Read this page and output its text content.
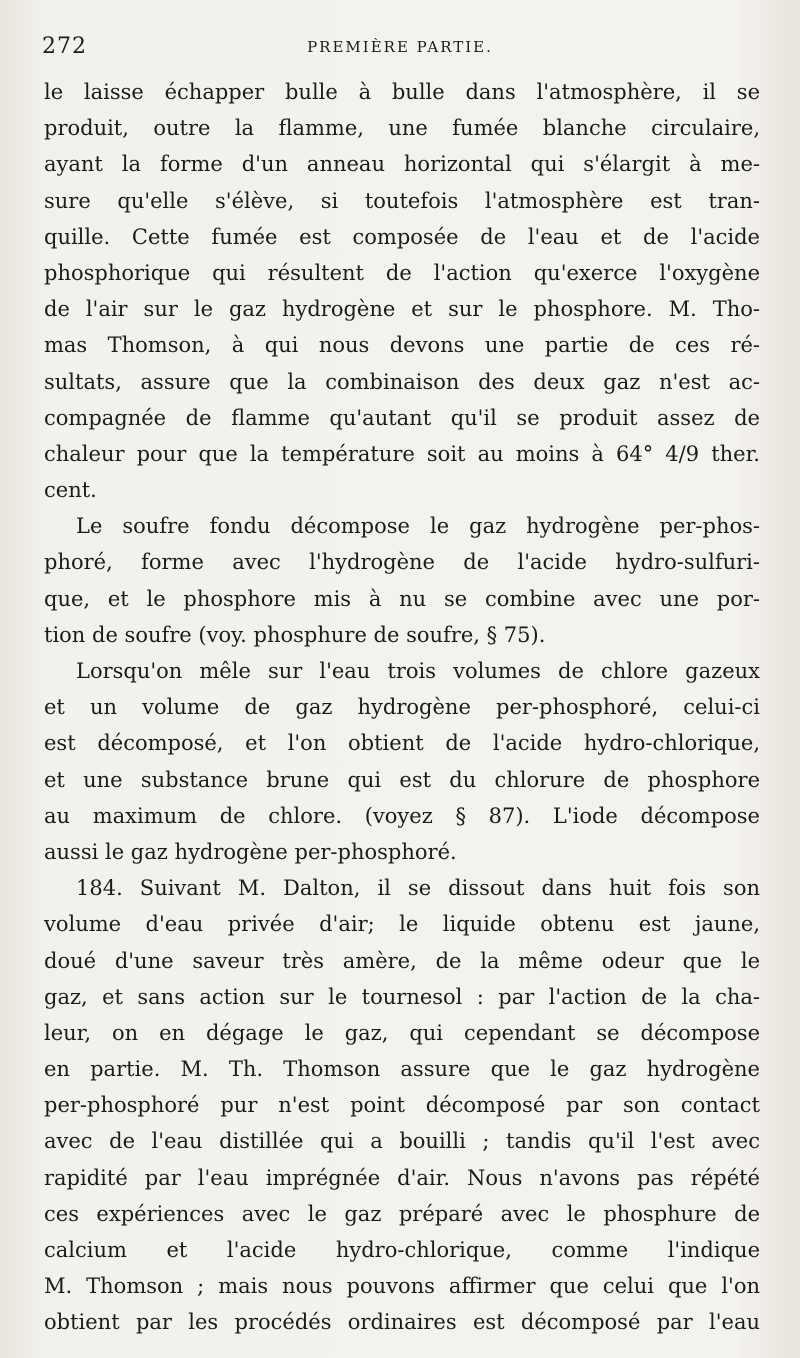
272	PREMIÈRE PARTIE.
le laisse échapper bulle à bulle dans l'atmosphère, il se
produit, outre la flamme, une fumée blanche circulaire,
ayant la forme d'un anneau horizontal qui s'élargit à me-
sure qu'elle s'élève, si toutefois l'atmosphère est tran-
quille. Cette fumée est composée de l'eau et de l'acide
phosphorique qui résultent de l'action qu'exerce l'oxygène
de l'air sur le gaz hydrogène et sur le phosphore. M. Tho-
mas Thomson, à qui nous devons une partie de ces ré-
sultats, assure que la combinaison des deux gaz n'est ac-
compagnée de flamme qu'autant qu'il se produit assez de
chaleur pour que la température soit au moins à 64° 4/9 ther.
cent.
Le soufre fondu décompose le gaz hydrogène per-phos-
phoré, forme avec l'hydrogène de l'acide hydro-sulfuri-
que, et le phosphore mis à nu se combine avec une por-
tion de soufre (voy. phosphure de soufre, § 75).
Lorsqu'on mêle sur l'eau trois volumes de chlore gazeux
et un volume de gaz hydrogène per-phosphoré, celui-ci
est décomposé, et l'on obtient de l'acide hydro-chlorique,
et une substance brune qui est du chlorure de phosphore
au maximum de chlore. (voyez § 87). L'iode décompose
aussi le gaz hydrogène per-phosphoré.
184. Suivant M. Dalton, il se dissout dans huit fois son
volume d'eau privée d'air; le liquide obtenu est jaune,
doué d'une saveur très amère, de la même odeur que le
gaz, et sans action sur le tournesol : par l'action de la cha-
leur, on en dégage le gaz, qui cependant se décompose
en partie. M. Th. Thomson assure que le gaz hydrogène
per-phosphoré pur n'est point décomposé par son contact
avec de l'eau distillée qui a bouilli ; tandis qu'il l'est avec
rapidité par l'eau imprégnée d'air. Nous n'avons pas répété
ces expériences avec le gaz préparé avec le phosphure de
calcium et l'acide hydro-chlorique, comme l'indique
M. Thomson ; mais nous pouvons affirmer que celui que l'on
obtient par les procédés ordinaires est décomposé par l'eau
